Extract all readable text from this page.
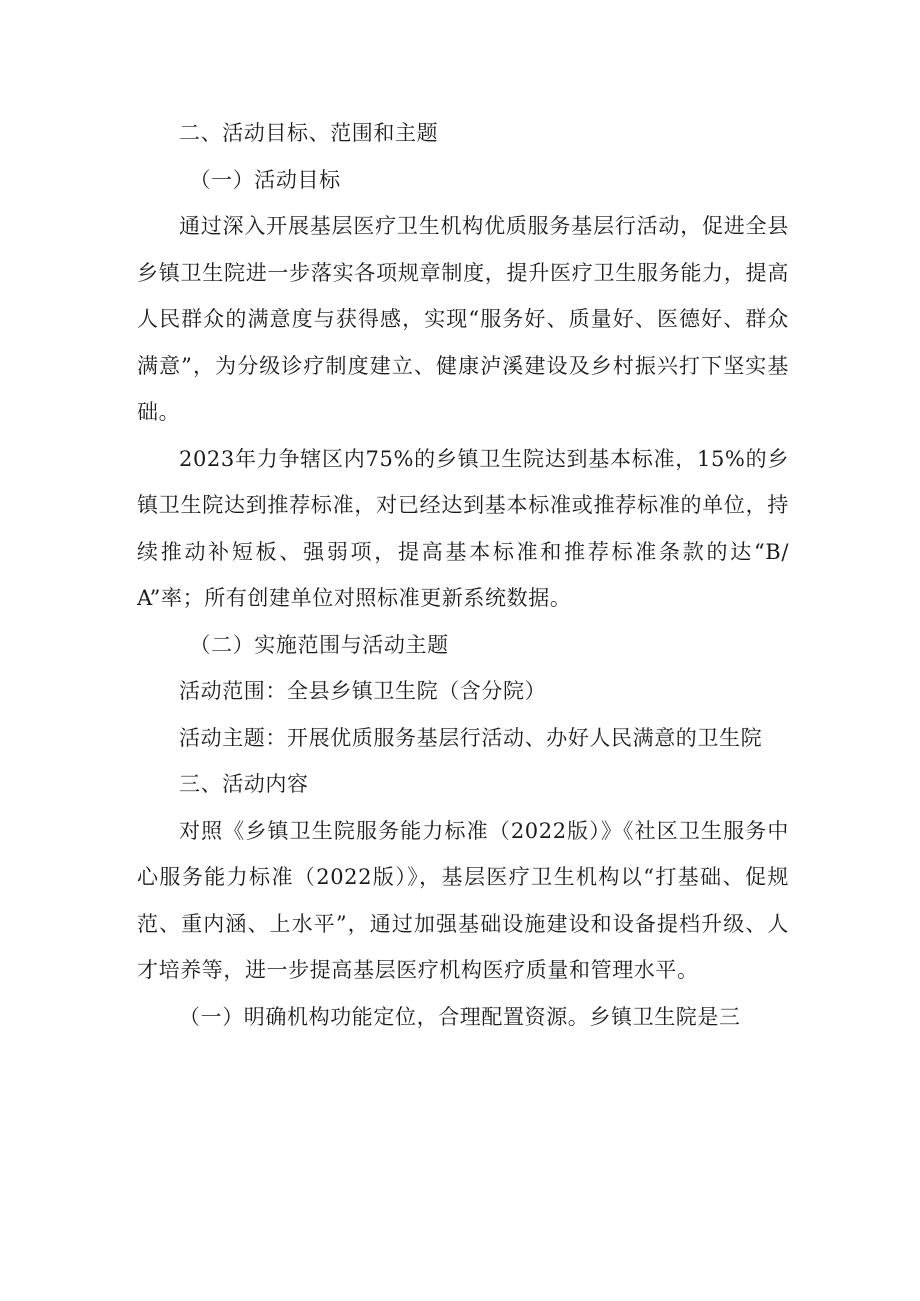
二、活动目标、范围和主题

（一）活动目标

通过深入开展基层医疗卫生机构优质服务基层行活动，促进全县乡镇卫生院进一步落实各项规章制度，提升医疗卫生服务能力，提高人民群众的满意度与获得感，实现“服务好、质量好、医德好、群众满意”，为分级诊疗制度建立、健康泸溪建设及乡村振兴打下坚实基础。

2023年力争辖区内75%的乡镇卫生院达到基本标准，15%的乡镇卫生院达到推荐标准，对已经达到基本标准或推荐标准的单位，持续推动补短板、强弱项，提高基本标准和推荐标准条款的达“B/A”率；所有创建单位对照标准更新系统数据。

（二）实施范围与活动主题

活动范围：全县乡镇卫生院（含分院）

活动主题：开展优质服务基层行活动、办好人民满意的卫生院

三、活动内容

对照《乡镇卫生院服务能力标准（2022版）》《社区卫生服务中心服务能力标准（2022版）》，基层医疗卫生机构以“打基础、促规范、重内涵、上水平”，通过加强基础设施建设和设备提档升级、人才培养等，进一步提高基层医疗机构医疗质量和管理水平。

（一）明确机构功能定位，合理配置资源。乡镇卫生院是三
